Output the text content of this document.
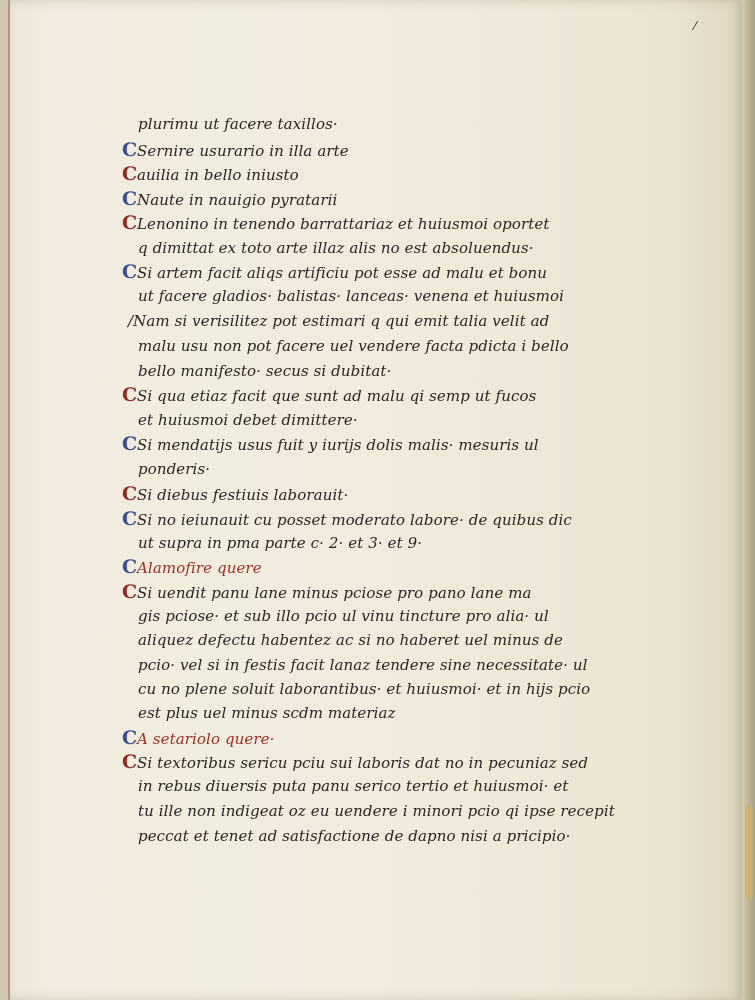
⁄
plurimu ut facere taxillos·
CSernire usurario in illa arte
Cauilia in bello iniusto
CNaute in nauigio pyratarii
CLenonino in tenendo barrattariaz et huiusmoi oportet
q dimittat ex toto arte illaz alis no est absoluendus·
CSi artem facit aliqs artificiu pot esse ad malu et bonu
ut facere gladios· balistas· lanceas· venena et huiusmoi
/Nam si verisilitez pot estimari q qui emit talia velit ad
malu usu non pot facere uel vendere facta pdicta i bello
bello manifesto· secus si dubitat·
CSi qua etiaz facit que sunt ad malu qi semp ut fucos
et huiusmoi debet dimittere·
CSi mendatijs usus fuit y iurijs dolis malis· mesuris ul
ponderis·
CSi diebus festiuis laborauit·
CSi no ieiunauit cu posset moderato labore· de quibus dic
ut supra in pma parte c· 2· et 3· et 9·
CAlamofire quere
CSi uendit panu lane minus pciose pro pano lane ma
gis pciose· et sub illo pcio ul vinu tincture pro alia· ul
aliquez defectu habentez ac si no haberet uel minus de
pcio· vel si in festis facit lanaz tendere sine necessitate· ul
cu no plene soluit laborantibus· et huiusmoi· et in hijs pcio
est plus uel minus scdm materiaz
CA setariolo quere·
CSi textoribus sericu pciu sui laboris dat no in pecuniaz sed
in rebus diuersis puta panu serico tertio et huiusmoi· et
tu ille non indigeat oz eu uendere i minori pcio qi ipse recepit
peccat et tenet ad satisfactione de dapno nisi a pricipio·
